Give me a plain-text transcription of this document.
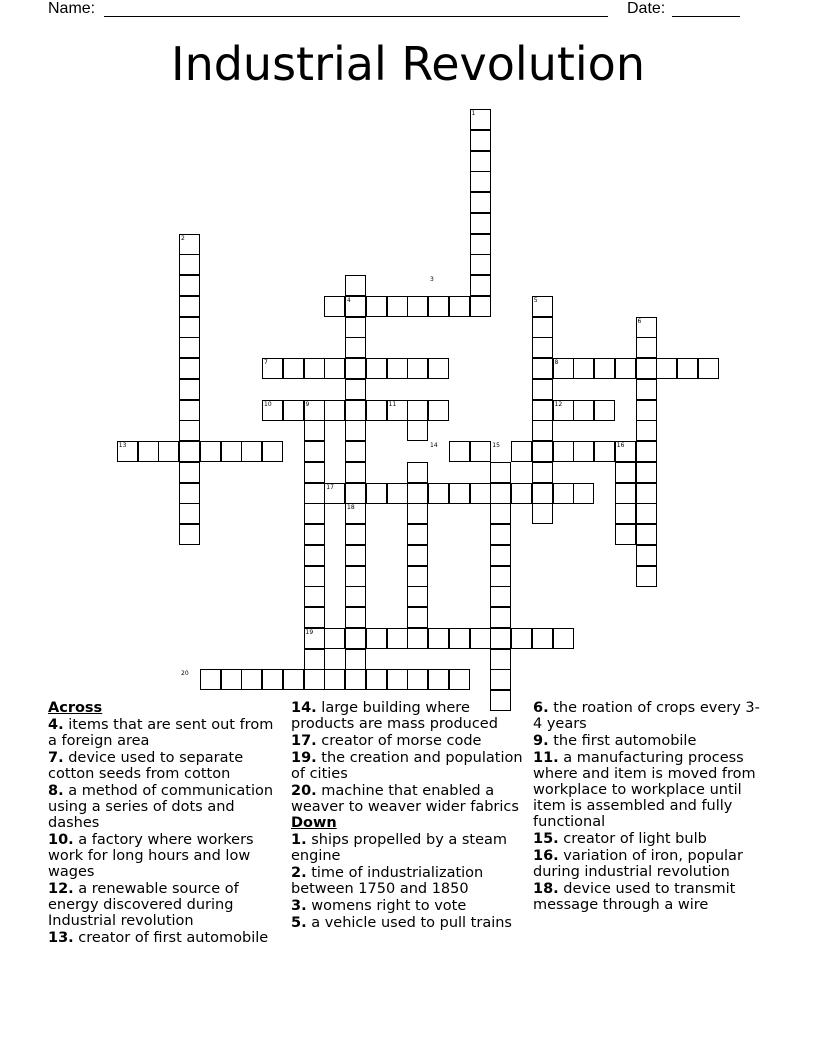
Name:	Date:
Industrial Revolution
1
2
3
4	5
6
7	8
9
10	11	12
13	14	15	16
17
18
19
20
Across
4. items that are sent out from a foreign area
7. device used to separate cotton seeds from cotton
8. a method of communication using a series of dots and dashes
10. a factory where workers work for long hours and low wages
12. a renewable source of energy discovered during Industrial revolution
13. creator of first automobile
14. large building where products are mass produced
17. creator of morse code
19. the creation and population of cities
20. machine that enabled a weaver to weaver wider fabrics
Down
1. ships propelled by a steam engine
2. time of industrialization between 1750 and 1850
3. womens right to vote
5. a vehicle used to pull trains
6. the roation of crops every 3-4 years
9. the first automobile
11. a manufacturing process where and item is moved from workplace to workplace until item is assembled and fully functional
15. creator of light bulb
16. variation of iron, popular during industrial revolution
18. device used to transmit message through a wire
